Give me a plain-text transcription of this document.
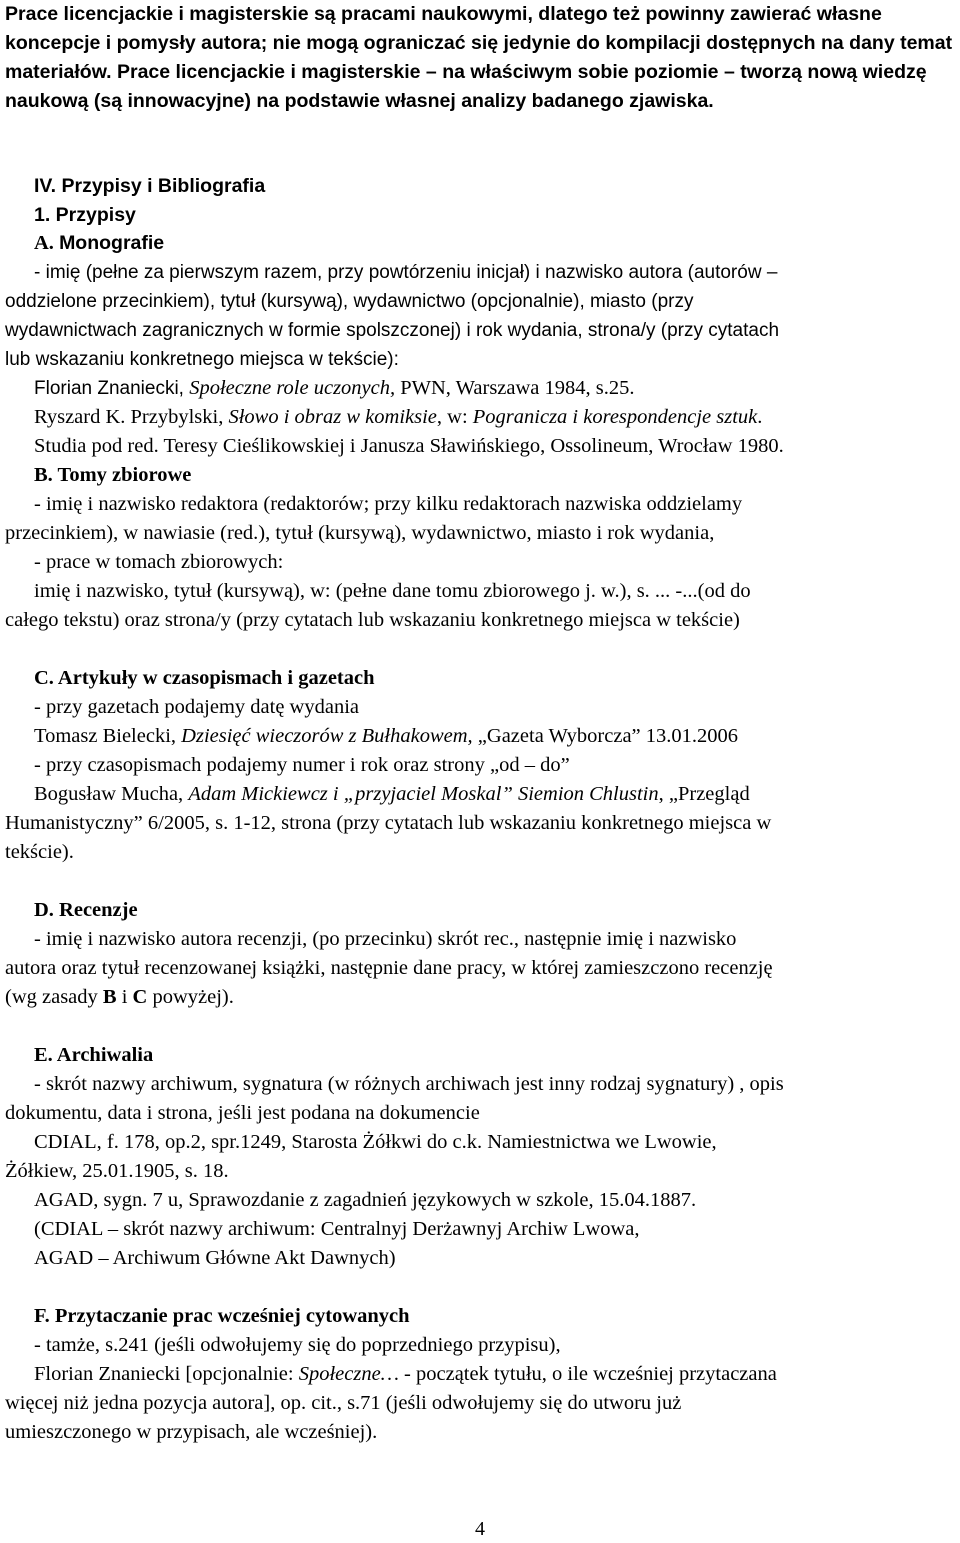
Prace licencjackie i magisterskie są pracami naukowymi, dlatego też powinny zawierać własne koncepcje i pomysły autora; nie mogą ograniczać się jedynie do kompilacji dostępnych na dany temat materiałów. Prace licencjackie i magisterskie – na właściwym sobie poziomie – tworzą nową wiedzę naukową (są innowacyjne) na podstawie własnej analizy badanego zjawiska.

IV. Przypisy i Bibliografia
1. Przypisy
A. Monografie
- imię (pełne za pierwszym razem, przy powtórzeniu inicjał) i nazwisko autora (autorów –
oddzielone przecinkiem), tytuł (kursywą), wydawnictwo (opcjonalnie), miasto (przy
wydawnictwach zagranicznych w formie spolszczonej) i rok wydania, strona/y (przy cytatach
lub wskazaniu konkretnego miejsca w tekście):
Florian Znaniecki, Społeczne role uczonych, PWN, Warszawa 1984, s.25.
Ryszard K. Przybylski, Słowo i obraz w komiksie, w: Pogranicza i korespondencje sztuk.
Studia pod red. Teresy Cieślikowskiej i Janusza Sławińskiego, Ossolineum, Wrocław 1980.
B. Tomy zbiorowe
- imię i nazwisko redaktora (redaktorów; przy kilku redaktorach nazwiska oddzielamy
przecinkiem), w nawiasie (red.), tytuł (kursywą), wydawnictwo, miasto i rok wydania,
- prace w tomach zbiorowych:
imię i nazwisko, tytuł (kursywą), w: (pełne dane tomu zbiorowego j. w.), s. ... -...(od do
całego tekstu) oraz strona/y (przy cytatach lub wskazaniu konkretnego miejsca w tekście)
C. Artykuły w czasopismach i gazetach
- przy gazetach podajemy datę wydania
Tomasz Bielecki, Dziesięć wieczorów z Bułhakowem, „Gazeta Wyborcza” 13.01.2006
- przy czasopismach podajemy numer i rok oraz strony „od – do”
Bogusław Mucha, Adam Mickiewcz i „przyjaciel Moskal” Siemion Chlustin, „Przegląd
Humanistyczny” 6/2005, s. 1-12, strona (przy cytatach lub wskazaniu konkretnego miejsca w
tekście).
D. Recenzje
- imię i nazwisko autora recenzji, (po przecinku) skrót rec., następnie imię i nazwisko
autora oraz tytuł recenzowanej książki, następnie dane pracy, w której zamieszczono recenzję
(wg zasady B i C powyżej).
E. Archiwalia
- skrót nazwy archiwum, sygnatura (w różnych archiwach jest inny rodzaj sygnatury) , opis
dokumentu, data i strona, jeśli jest podana na dokumencie
CDIAL, f. 178, op.2, spr.1249, Starosta Żółkwi do c.k. Namiestnictwa we Lwowie,
Żółkiew, 25.01.1905, s. 18.
AGAD, sygn. 7 u, Sprawozdanie z zagadnień językowych w szkole, 15.04.1887.
(CDIAL – skrót nazwy archiwum: Centralnyj Derżawnyj Archiw Lwowa,
AGAD – Archiwum Główne Akt Dawnych)
F. Przytaczanie prac wcześniej cytowanych
- tamże, s.241 (jeśli odwołujemy się do poprzedniego przypisu),
Florian Znaniecki [opcjonalnie: Społeczne… - początek tytułu, o ile wcześniej przytaczana
więcej niż jedna pozycja autora], op. cit., s.71 (jeśli odwołujemy się do utworu już
umieszczonego w przypisach, ale wcześniej).
4
